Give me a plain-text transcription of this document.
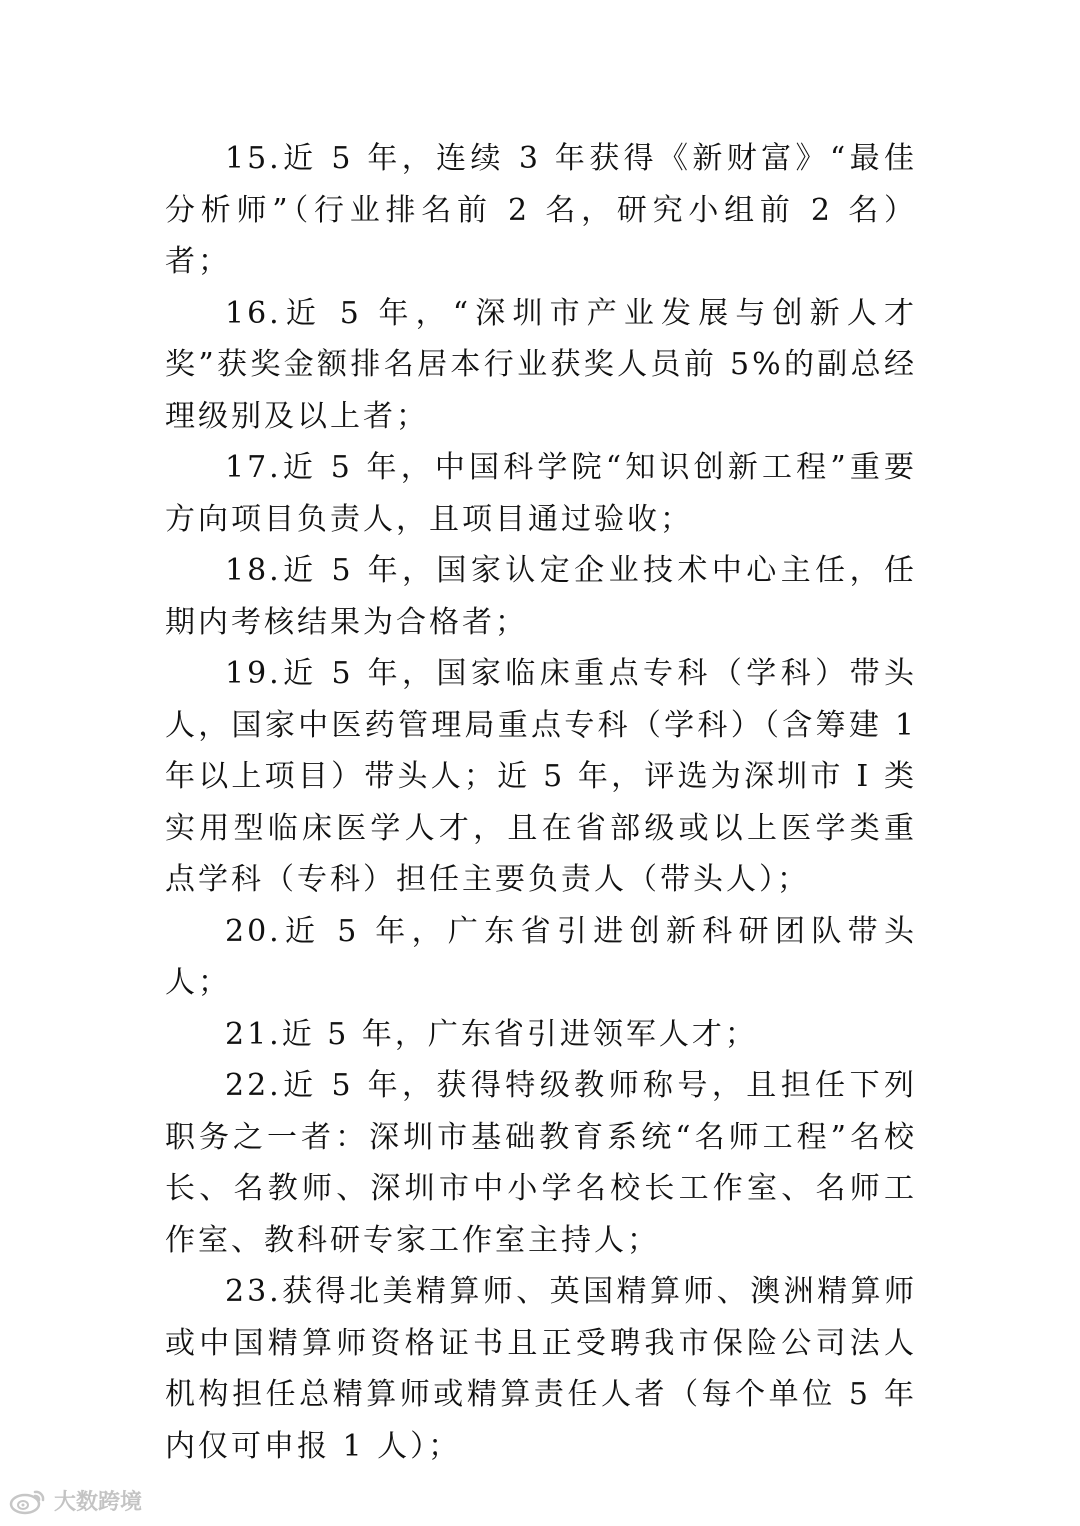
15.近 5 年，连续 3 年获得《新财富》“最佳分析师”（行业排名前 2 名，研究小组前 2 名）者；

16.近 5 年，“深圳市产业发展与创新人才奖”获奖金额排名居本行业获奖人员前 5%的副总经理级别及以上者；

17.近 5 年，中国科学院“知识创新工程”重要方向项目负责人，且项目通过验收；

18.近 5 年，国家认定企业技术中心主任，任期内考核结果为合格者；

19.近 5 年，国家临床重点专科（学科）带头人，国家中医药管理局重点专科（学科）（含筹建 1 年以上项目）带头人；近 5 年，评选为深圳市 I 类实用型临床医学人才，且在省部级或以上医学类重点学科（专科）担任主要负责人（带头人）；

20.近 5 年，广东省引进创新科研团队带头人；

21.近 5 年，广东省引进领军人才；

22.近 5 年，获得特级教师称号，且担任下列职务之一者：深圳市基础教育系统“名师工程”名校长、名教师、深圳市中小学名校长工作室、名师工作室、教科研专家工作室主持人；

23.获得北美精算师、英国精算师、澳洲精算师或中国精算师资格证书且正受聘我市保险公司法人机构担任总精算师或精算责任人者（每个单位 5 年内仅可申报 1 人）；

大数跨境
